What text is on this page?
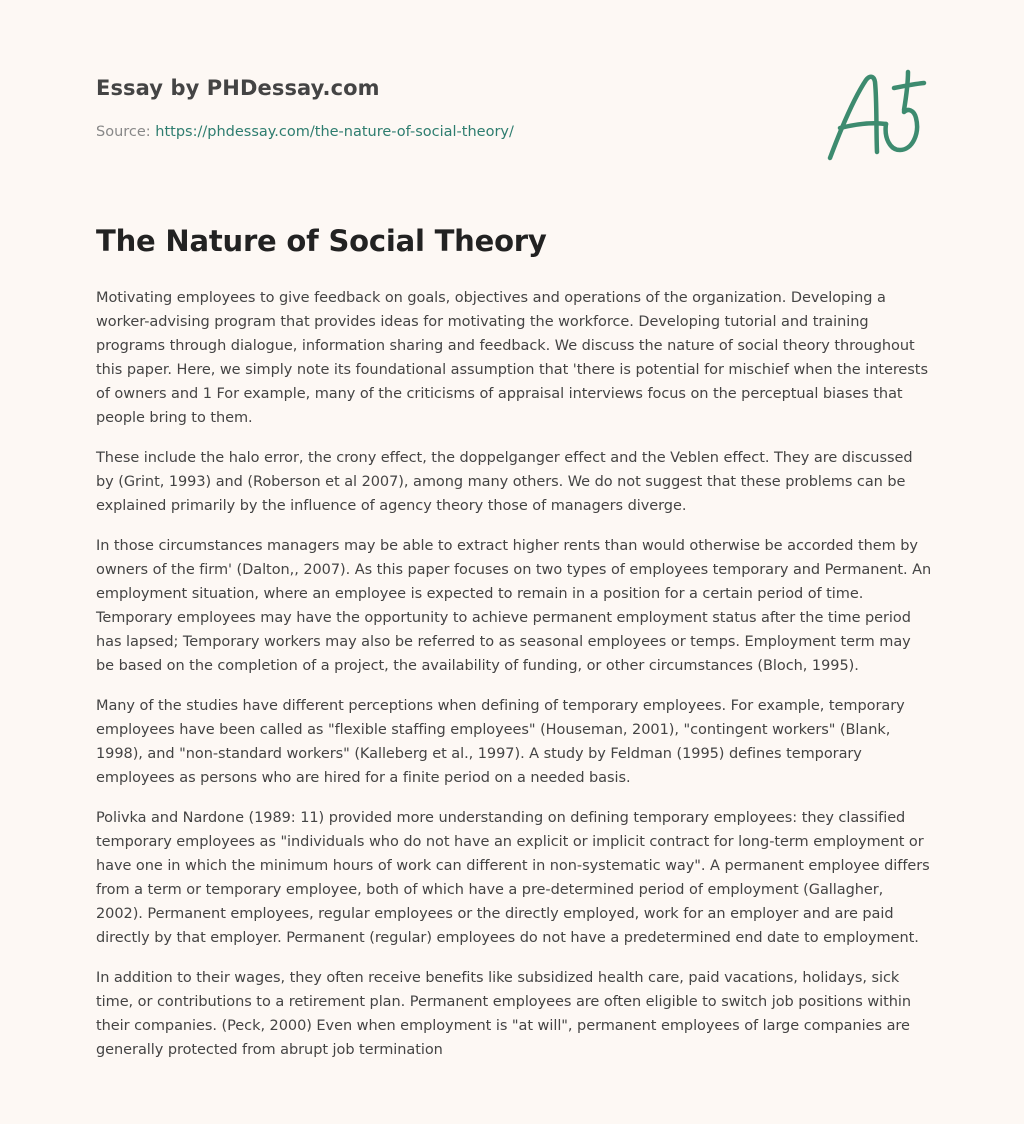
Essay by PHDessay.com
Source: https://phdessay.com/the-nature-of-social-theory/
The Nature of Social Theory

Motivating employees to give feedback on goals, objectives and operations of the organization. Developing a worker-advising program that provides ideas for motivating the workforce. Developing tutorial and training programs through dialogue, information sharing and feedback. We discuss the nature of social theory throughout this paper. Here, we simply note its foundational assumption that 'there is potential for mischief when the interests of owners and 1 For example, many of the criticisms of appraisal interviews focus on the perceptual biases that people bring to them.

These include the halo error, the crony effect, the doppelganger effect and the Veblen effect. They are discussed by (Grint, 1993) and (Roberson et al 2007), among many others. We do not suggest that these problems can be explained primarily by the influence of agency theory those of managers diverge.

In those circumstances managers may be able to extract higher rents than would otherwise be accorded them by owners of the firm' (Dalton,, 2007). As this paper focuses on two types of employees temporary and Permanent. An employment situation, where an employee is expected to remain in a position for a certain period of time. Temporary employees may have the opportunity to achieve permanent employment status after the time period has lapsed; Temporary workers may also be referred to as seasonal employees or temps. Employment term may be based on the completion of a project, the availability of funding, or other circumstances (Bloch, 1995).

Many of the studies have different perceptions when defining of temporary employees. For example, temporary employees have been called as "flexible staffing employees" (Houseman, 2001), "contingent workers" (Blank, 1998), and "non-standard workers" (Kalleberg et al., 1997). A study by Feldman (1995) defines temporary employees as persons who are hired for a finite period on a needed basis.

Polivka and Nardone (1989: 11) provided more understanding on defining temporary employees: they classified temporary employees as "individuals who do not have an explicit or implicit contract for long-term employment or have one in which the minimum hours of work can different in non-systematic way". A permanent employee differs from a term or temporary employee, both of which have a pre-determined period of employment (Gallagher, 2002). Permanent employees, regular employees or the directly employed, work for an employer and are paid directly by that employer. Permanent (regular) employees do not have a predetermined end date to employment.

In addition to their wages, they often receive benefits like subsidized health care, paid vacations, holidays, sick time, or contributions to a retirement plan. Permanent employees are often eligible to switch job positions within their companies. (Peck, 2000) Even when employment is "at will", permanent employees of large companies are generally protected from abrupt job termination
